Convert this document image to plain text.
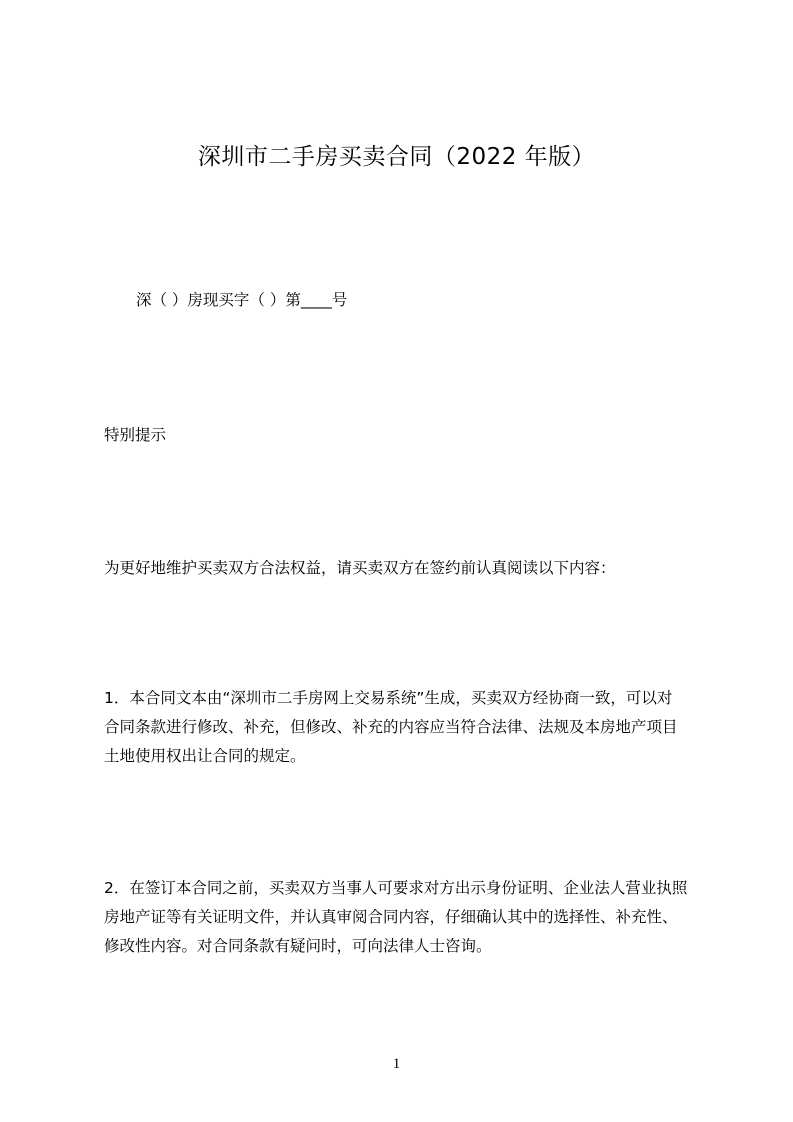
深圳市二手房买卖合同（2022 年版）
深（ ）房现买字（ ）第____号
特别提示
为更好地维护买卖双方合法权益，请买卖双方在签约前认真阅读以下内容：
1．本合同文本由“深圳市二手房网上交易系统”生成，买卖双方经协商一致，可以对
合同条款进行修改、补充，但修改、补充的内容应当符合法律、法规及本房地产项目
土地使用权出让合同的规定。
2．在签订本合同之前，买卖双方当事人可要求对方出示身份证明、企业法人营业执照
房地产证等有关证明文件，并认真审阅合同内容，仔细确认其中的选择性、补充性、
修改性内容。对合同条款有疑问时，可向法律人士咨询。
1
